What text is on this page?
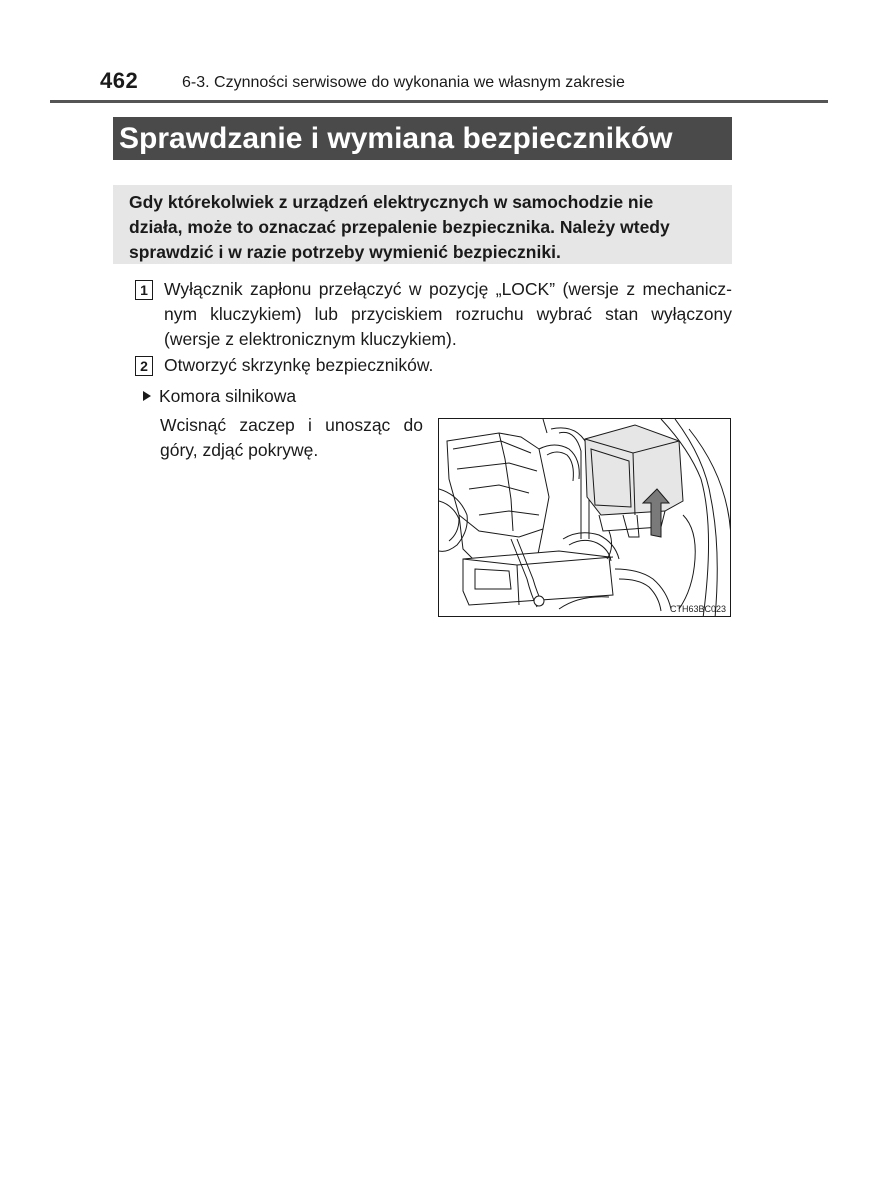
462	6-3. Czynności serwisowe do wykonania we własnym zakresie
Sprawdzanie i wymiana bezpieczników

Gdy którekolwiek z urządzeń elektrycznych w samochodzie nie

działa, może to oznaczać przepalenie bezpiecznika. Należy wtedy

sprawdzić i w razie potrzeby wymienić bezpieczniki.

1 Wyłącznik zapłonu przełączyć w pozycję „LOCK” (wersje z mechanicz-
nym kluczykiem) lub przyciskiem rozruchu wybrać stan wyłączony
(wersje z elektronicznym kluczykiem).
2 Otworzyć skrzynkę bezpieczników.
Komora silnikowa
Wcisnąć zaczep i unosząc do
góry, zdjąć pokrywę.
CTH63BC023
